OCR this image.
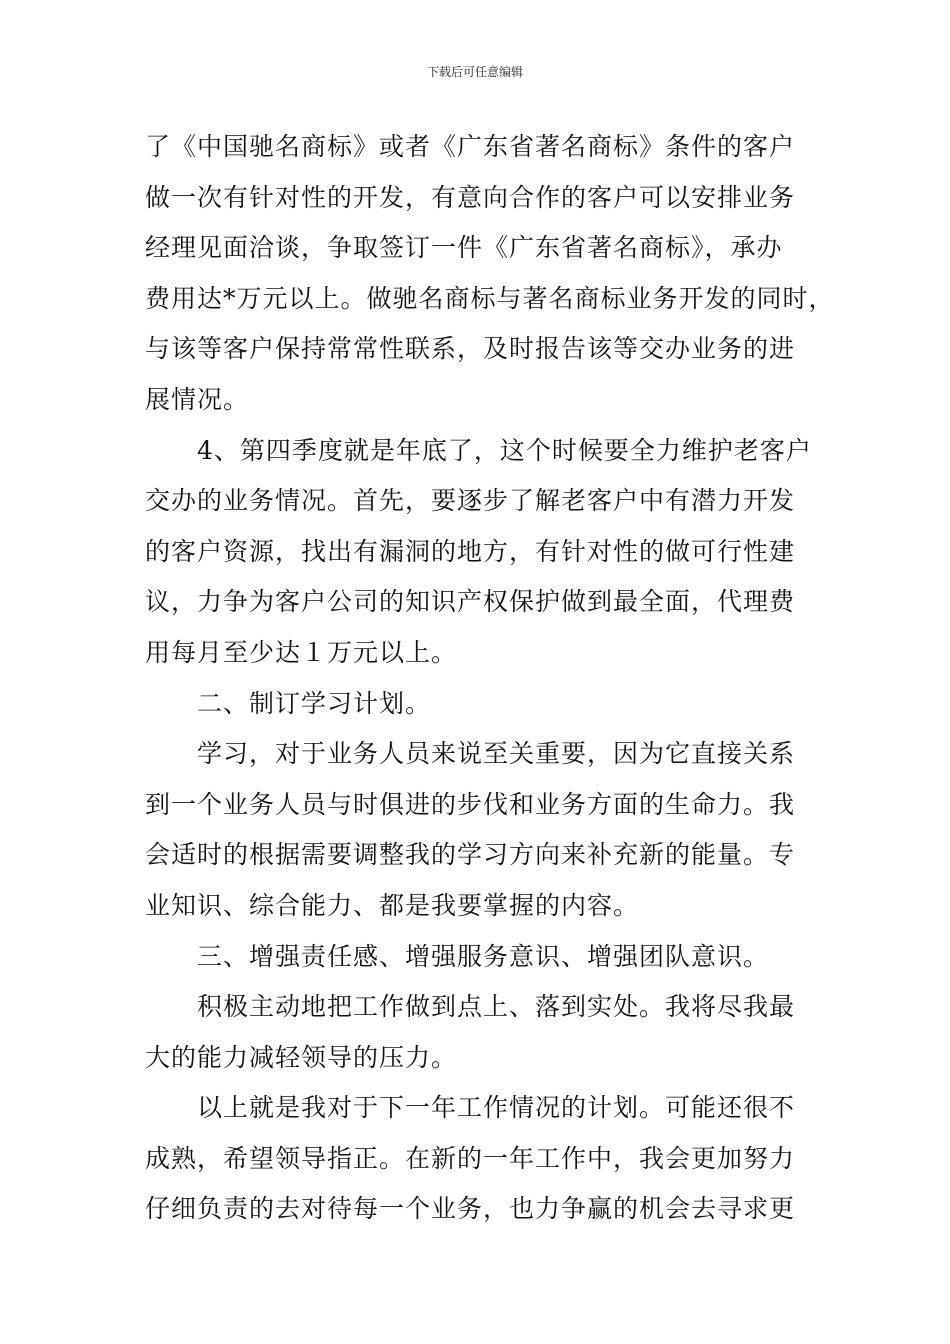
下载后可任意编辑
了《中国驰名商标》或者《广东省著名商标》条件的客户
做一次有针对性的开发，有意向合作的客户可以安排业务
经理见面洽谈，争取签订一件《广东省著名商标》，承办
费用达*万元以上。做驰名商标与著名商标业务开发的同时，
与该等客户保持常常性联系，及时报告该等交办业务的进
展情况。
4、第四季度就是年底了，这个时候要全力维护老客户
交办的业务情况。首先，要逐步了解老客户中有潜力开发
的客户资源，找出有漏洞的地方，有针对性的做可行性建
议，力争为客户公司的知识产权保护做到最全面，代理费
用每月至少达１万元以上。
二、制订学习计划。
学习，对于业务人员来说至关重要，因为它直接关系
到一个业务人员与时俱进的步伐和业务方面的生命力。我
会适时的根据需要调整我的学习方向来补充新的能量。专
业知识、综合能力、都是我要掌握的内容。
三、增强责任感、增强服务意识、增强团队意识。
积极主动地把工作做到点上、落到实处。我将尽我最
大的能力减轻领导的压力。
以上就是我对于下一年工作情况的计划。可能还很不
成熟，希望领导指正。在新的一年工作中，我会更加努力
仔细负责的去对待每一个业务，也力争赢的机会去寻求更
